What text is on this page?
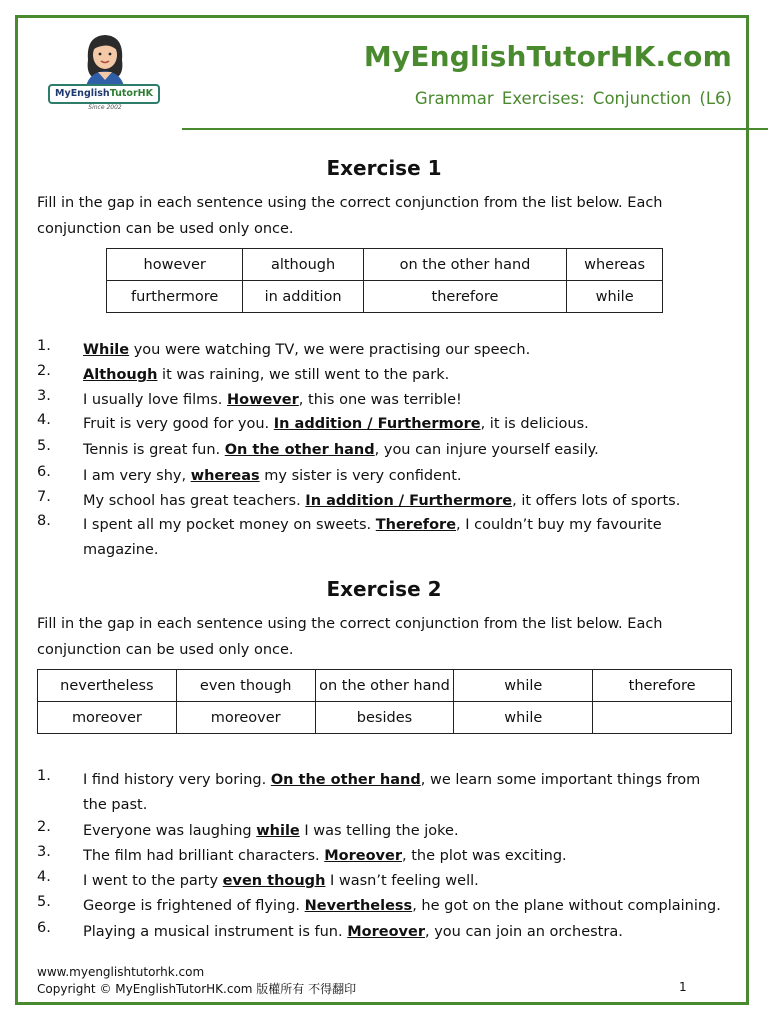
MyEnglishTutorHK
Since 2002
MyEnglishTutorHK.com
Grammar Exercises: Conjunction (L6)
Exercise 1
Fill in the gap in each sentence using the correct conjunction from the list below. Each conjunction can be used only once.
however	although	on the other hand	whereas
furthermore	in addition	therefore	while
1. While you were watching TV, we were practising our speech.
2. Although it was raining, we still went to the park.
3. I usually love films. However, this one was terrible!
4. Fruit is very good for you. In addition / Furthermore, it is delicious.
5. Tennis is great fun. On the other hand, you can injure yourself easily.
6. I am very shy, whereas my sister is very confident.
7. My school has great teachers. In addition / Furthermore, it offers lots of sports.
8. I spent all my pocket money on sweets. Therefore, I couldn’t buy my favourite magazine.
Exercise 2
Fill in the gap in each sentence using the correct conjunction from the list below. Each conjunction can be used only once.
nevertheless	even though	on the other hand	while	therefore
moreover	moreover	besides	while	
1. I find history very boring. On the other hand, we learn some important things from the past.
2. Everyone was laughing while I was telling the joke.
3. The film had brilliant characters. Moreover, the plot was exciting.
4. I went to the party even though I wasn’t feeling well.
5. George is frightened of flying. Nevertheless, he got on the plane without complaining.
6. Playing a musical instrument is fun. Moreover, you can join an orchestra.
www.myenglishtutorhk.com
Copyright © MyEnglishTutorHK.com 版權所有 不得翻印	1
